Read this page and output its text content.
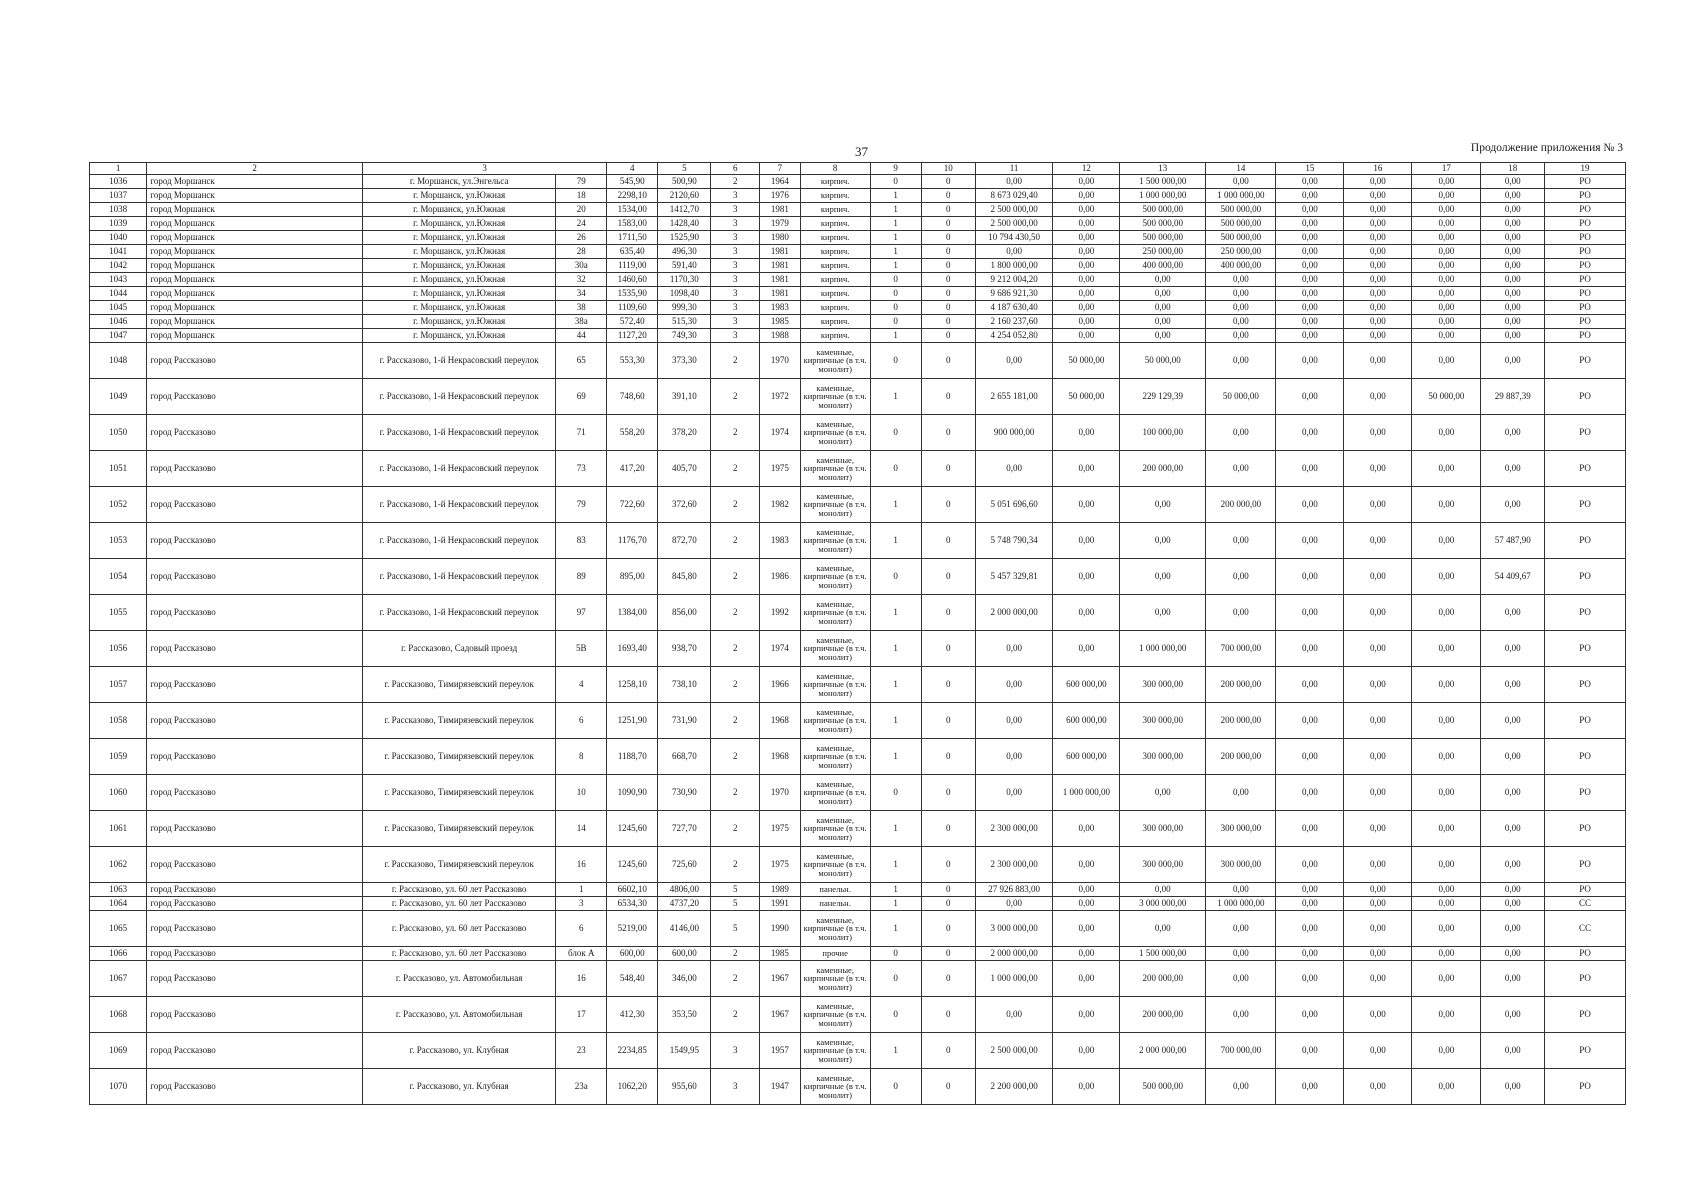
37	Продолжение приложения № 3
1	2	3		4	5	6	7	8	9	10	11	12	13	14	15	16	17	18	19
1036	город Моршанск	г. Моршанск, ул.Энгельса	79	545,90	500,90	2	1964	кирпич.	0	0	0,00	0,00	1 500 000,00	0,00	0,00	0,00	0,00	0,00	РО
1037	город Моршанск	г. Моршанск, ул.Южная	18	2298,10	2120,60	3	1976	кирпич.	1	0	8 673 029,40	0,00	1 000 000,00	1 000 000,00	0,00	0,00	0,00	0,00	РО
1038	город Моршанск	г. Моршанск, ул.Южная	20	1534,00	1412,70	3	1981	кирпич.	1	0	2 500 000,00	0,00	500 000,00	500 000,00	0,00	0,00	0,00	0,00	РО
1039	город Моршанск	г. Моршанск, ул.Южная	24	1583,00	1428,40	3	1979	кирпич.	1	0	2 500 000,00	0,00	500 000,00	500 000,00	0,00	0,00	0,00	0,00	РО
1040	город Моршанск	г. Моршанск, ул.Южная	26	1711,50	1525,90	3	1980	кирпич.	1	0	10 794 430,50	0,00	500 000,00	500 000,00	0,00	0,00	0,00	0,00	РО
1041	город Моршанск	г. Моршанск, ул.Южная	28	635,40	496,30	3	1981	кирпич.	1	0	0,00	0,00	250 000,00	250 000,00	0,00	0,00	0,00	0,00	РО
1042	город Моршанск	г. Моршанск, ул.Южная	30а	1119,00	591,40	3	1981	кирпич.	1	0	1 800 000,00	0,00	400 000,00	400 000,00	0,00	0,00	0,00	0,00	РО
1043	город Моршанск	г. Моршанск, ул.Южная	32	1460,60	1170,30	3	1981	кирпич.	0	0	9 212 004,20	0,00	0,00	0,00	0,00	0,00	0,00	0,00	РО
1044	город Моршанск	г. Моршанск, ул.Южная	34	1535,90	1098,40	3	1981	кирпич.	0	0	9 686 921,30	0,00	0,00	0,00	0,00	0,00	0,00	0,00	РО
1045	город Моршанск	г. Моршанск, ул.Южная	38	1109,60	999,30	3	1983	кирпич.	0	0	4 187 630,40	0,00	0,00	0,00	0,00	0,00	0,00	0,00	РО
1046	город Моршанск	г. Моршанск, ул.Южная	38а	572,40	515,30	3	1985	кирпич.	0	0	2 160 237,60	0,00	0,00	0,00	0,00	0,00	0,00	0,00	РО
1047	город Моршанск	г. Моршанск, ул.Южная	44	1127,20	749,30	3	1988	кирпич.	1	0	4 254 052,80	0,00	0,00	0,00	0,00	0,00	0,00	0,00	РО
1048	город Рассказово	г. Рассказово, 1-й Некрасовский переулок	65	553,30	373,30	2	1970	каменные, кирпичные (в т.ч. монолит)	0	0	0,00	50 000,00	50 000,00	0,00	0,00	0,00	0,00	0,00	РО
1049	город Рассказово	г. Рассказово, 1-й Некрасовский переулок	69	748,60	391,10	2	1972	каменные, кирпичные (в т.ч. монолит)	1	0	2 655 181,00	50 000,00	229 129,39	50 000,00	0,00	0,00	50 000,00	29 887,39	РО
1050	город Рассказово	г. Рассказово, 1-й Некрасовский переулок	71	558,20	378,20	2	1974	каменные, кирпичные (в т.ч. монолит)	0	0	900 000,00	0,00	100 000,00	0,00	0,00	0,00	0,00	0,00	РО
1051	город Рассказово	г. Рассказово, 1-й Некрасовский переулок	73	417,20	405,70	2	1975	каменные, кирпичные (в т.ч. монолит)	0	0	0,00	0,00	200 000,00	0,00	0,00	0,00	0,00	0,00	РО
1052	город Рассказово	г. Рассказово, 1-й Некрасовский переулок	79	722,60	372,60	2	1982	каменные, кирпичные (в т.ч. монолит)	1	0	5 051 696,60	0,00	0,00	200 000,00	0,00	0,00	0,00	0,00	РО
1053	город Рассказово	г. Рассказово, 1-й Некрасовский переулок	83	1176,70	872,70	2	1983	каменные, кирпичные (в т.ч. монолит)	1	0	5 748 790,34	0,00	0,00	0,00	0,00	0,00	0,00	57 487,90	РО
1054	город Рассказово	г. Рассказово, 1-й Некрасовский переулок	89	895,00	845,80	2	1986	каменные, кирпичные (в т.ч. монолит)	0	0	5 457 329,81	0,00	0,00	0,00	0,00	0,00	0,00	54 409,67	РО
1055	город Рассказово	г. Рассказово, 1-й Некрасовский переулок	97	1384,00	856,00	2	1992	каменные, кирпичные (в т.ч. монолит)	1	0	2 000 000,00	0,00	0,00	0,00	0,00	0,00	0,00	0,00	РО
1056	город Рассказово	г. Рассказово, Садовый проезд	5В	1693,40	938,70	2	1974	каменные, кирпичные (в т.ч. монолит)	1	0	0,00	0,00	1 000 000,00	700 000,00	0,00	0,00	0,00	0,00	РО
1057	город Рассказово	г. Рассказово, Тимирязевский переулок	4	1258,10	738,10	2	1966	каменные, кирпичные (в т.ч. монолит)	1	0	0,00	600 000,00	300 000,00	200 000,00	0,00	0,00	0,00	0,00	РО
1058	город Рассказово	г. Рассказово, Тимирязевский переулок	6	1251,90	731,90	2	1968	каменные, кирпичные (в т.ч. монолит)	1	0	0,00	600 000,00	300 000,00	200 000,00	0,00	0,00	0,00	0,00	РО
1059	город Рассказово	г. Рассказово, Тимирязевский переулок	8	1188,70	668,70	2	1968	каменные, кирпичные (в т.ч. монолит)	1	0	0,00	600 000,00	300 000,00	200 000,00	0,00	0,00	0,00	0,00	РО
1060	город Рассказово	г. Рассказово, Тимирязевский переулок	10	1090,90	730,90	2	1970	каменные, кирпичные (в т.ч. монолит)	0	0	0,00	1 000 000,00	0,00	0,00	0,00	0,00	0,00	0,00	РО
1061	город Рассказово	г. Рассказово, Тимирязевский переулок	14	1245,60	727,70	2	1975	каменные, кирпичные (в т.ч. монолит)	1	0	2 300 000,00	0,00	300 000,00	300 000,00	0,00	0,00	0,00	0,00	РО
1062	город Рассказово	г. Рассказово, Тимирязевский переулок	16	1245,60	725,60	2	1975	каменные, кирпичные (в т.ч. монолит)	1	0	2 300 000,00	0,00	300 000,00	300 000,00	0,00	0,00	0,00	0,00	РО
1063	город Рассказово	г. Рассказово, ул. 60 лет Рассказово	1	6602,10	4806,00	5	1989	панельн.	1	0	27 926 883,00	0,00	0,00	0,00	0,00	0,00	0,00	0,00	РО
1064	город Рассказово	г. Рассказово, ул. 60 лет Рассказово	3	6534,30	4737,20	5	1991	панельн.	1	0	0,00	0,00	3 000 000,00	1 000 000,00	0,00	0,00	0,00	0,00	СС
1065	город Рассказово	г. Рассказово, ул. 60 лет Рассказово	6	5219,00	4146,00	5	1990	каменные, кирпичные (в т.ч. монолит)	1	0	3 000 000,00	0,00	0,00	0,00	0,00	0,00	0,00	0,00	СС
1066	город Рассказово	г. Рассказово, ул. 60 лет Рассказово	блок А	600,00	600,00	2	1985	прочие	0	0	2 000 000,00	0,00	1 500 000,00	0,00	0,00	0,00	0,00	0,00	РО
1067	город Рассказово	г. Рассказово, ул. Автомобильная	16	548,40	346,00	2	1967	каменные, кирпичные (в т.ч. монолит)	0	0	1 000 000,00	0,00	200 000,00	0,00	0,00	0,00	0,00	0,00	РО
1068	город Рассказово	г. Рассказово, ул. Автомобильная	17	412,30	353,50	2	1967	каменные, кирпичные (в т.ч. монолит)	0	0	0,00	0,00	200 000,00	0,00	0,00	0,00	0,00	0,00	РО
1069	город Рассказово	г. Рассказово, ул. Клубная	23	2234,85	1549,95	3	1957	каменные, кирпичные (в т.ч. монолит)	1	0	2 500 000,00	0,00	2 000 000,00	700 000,00	0,00	0,00	0,00	0,00	РО
1070	город Рассказово	г. Рассказово, ул. Клубная	23а	1062,20	955,60	3	1947	каменные, кирпичные (в т.ч. монолит)	0	0	2 200 000,00	0,00	500 000,00	0,00	0,00	0,00	0,00	0,00	РО
